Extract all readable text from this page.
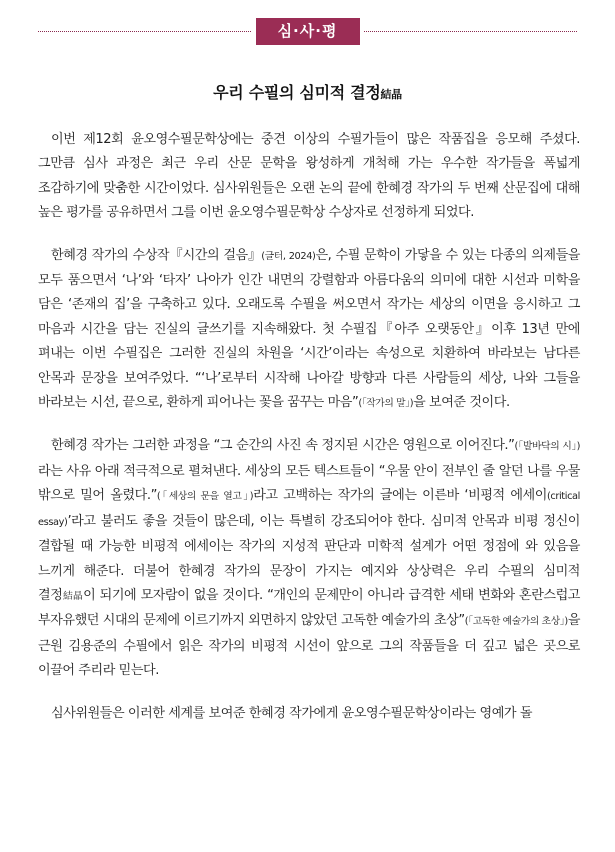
심·사·평
우리 수필의 심미적 결정結晶

이번 제12회 윤오영수필문학상에는 중견 이상의 수필가들이 많은 작품집을 응모해 주셨다. 그만큼 심사 과정은 최근 우리 산문 문학을 왕성하게 개척해 가는 우수한 작가들을 폭넓게 조감하기에 맞춤한 시간이었다. 심사위원들은 오랜 논의 끝에 한혜경 작가의 두 번째 산문집에 대해 높은 평가를 공유하면서 그를 이번 윤오영수필문학상 수상자로 선정하게 되었다.

한혜경 작가의 수상작『시간의 걸음』(글터, 2024)은, 수필 문학이 가닿을 수 있는 다종의 의제들을 모두 품으면서 ‘나’와 ‘타자’ 나아가 인간 내면의 강렬함과 아름다움의 의미에 대한 시선과 미학을 담은 ‘존재의 집’을 구축하고 있다. 오래도록 수필을 써오면서 작가는 세상의 이면을 응시하고 그 마음과 시간을 담는 진실의 글쓰기를 지속해왔다. 첫 수필집『아주 오랫동안』이후 13년 만에 펴내는 이번 수필집은 그러한 진실의 차원을 ‘시간’이라는 속성으로 치환하여 바라보는 남다른 안목과 문장을 보여주었다. “‘나’로부터 시작해 나아갈 방향과 다른 사람들의 세상, 나와 그들을 바라보는 시선, 끝으로, 환하게 피어나는 꽃을 꿈꾸는 마음”(「작가의 말」)을 보여준 것이다.

한혜경 작가는 그러한 과정을 “그 순간의 사진 속 정지된 시간은 영원으로 이어진다.”(「발바닥의 시」)라는 사유 아래 적극적으로 펼쳐낸다. 세상의 모든 텍스트들이 “우물 안이 전부인 줄 알던 나를 우물 밖으로 밀어 올렸다.”(「세상의 문을 열고」)라고 고백하는 작가의 글에는 이른바 ‘비평적 에세이(critical essay)’라고 불러도 좋을 것들이 많은데, 이는 특별히 강조되어야 한다. 심미적 안목과 비평 정신이 결합될 때 가능한 비평적 에세이는 작가의 지성적 판단과 미학적 설계가 어떤 정점에 와 있음을 느끼게 해준다. 더불어 한혜경 작가의 문장이 가지는 예지와 상상력은 우리 수필의 심미적 결정結晶이 되기에 모자람이 없을 것이다. “개인의 문제만이 아니라 급격한 세태 변화와 혼란스럽고 부자유했던 시대의 문제에 이르기까지 외면하지 않았던 고독한 예술가의 초상”(「고독한 예술가의 초상」)을 근원 김용준의 수필에서 읽은 작가의 비평적 시선이 앞으로 그의 작품들을 더 깊고 넓은 곳으로 이끌어 주리라 믿는다.

심사위원들은 이러한 세계를 보여준 한혜경 작가에게 윤오영수필문학상이라는 영예가 돌
